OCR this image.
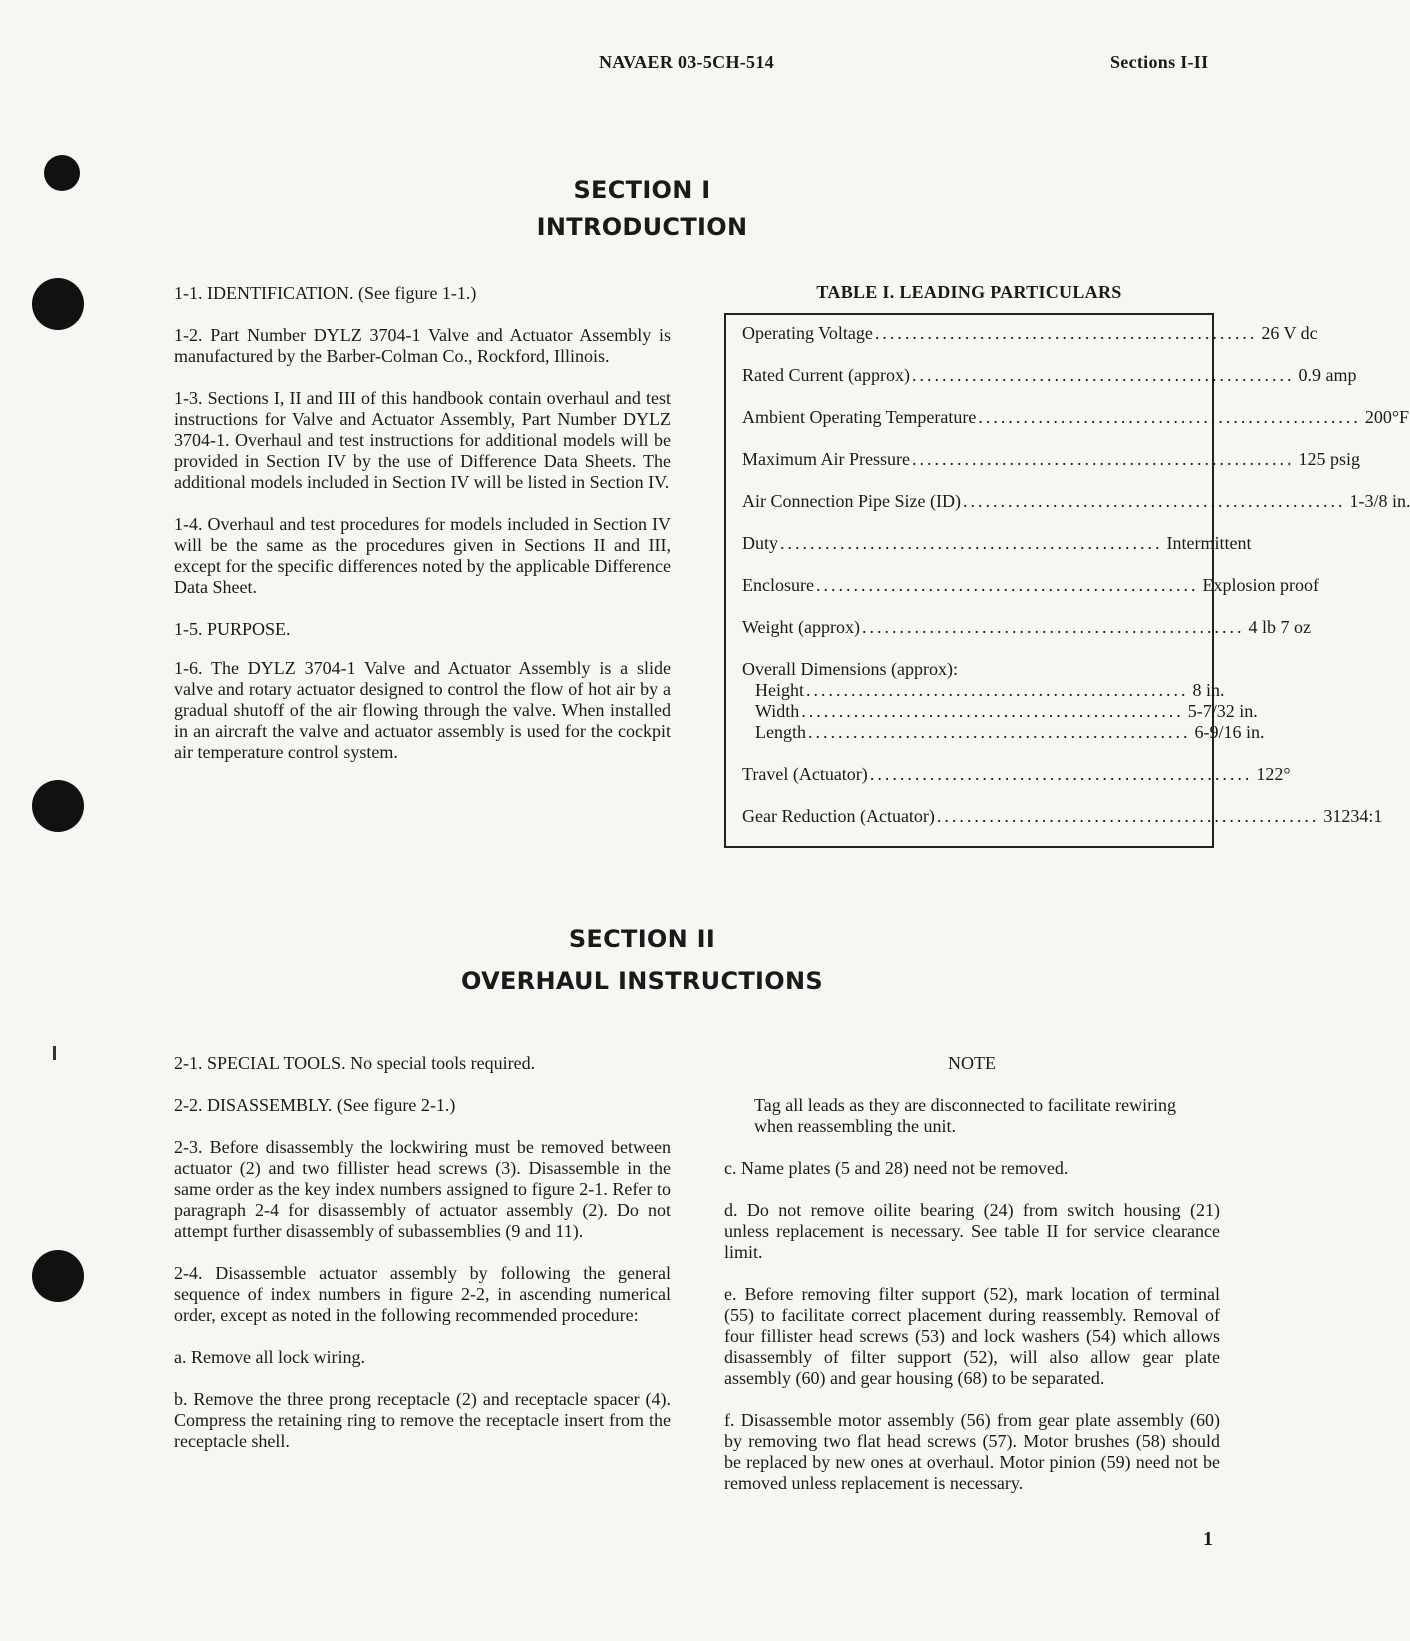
NAVAER 03-5CH-514	Sections I-II
SECTION I
INTRODUCTION

1-1. IDENTIFICATION. (See figure 1-1.)

1-2. Part Number DYLZ 3704-1 Valve and Actuator Assembly is manufactured by the Barber-Colman Co., Rockford, Illinois.

1-3. Sections I, II and III of this handbook contain overhaul and test instructions for Valve and Actuator Assembly, Part Number DYLZ 3704-1. Overhaul and test instructions for additional models will be provided in Section IV by the use of Difference Data Sheets. The additional models included in Section IV will be listed in Section IV.

1-4. Overhaul and test procedures for models included in Section IV will be the same as the procedures given in Sections II and III, except for the specific differences noted by the applicable Difference Data Sheet.

1-5. PURPOSE.

1-6. The DYLZ 3704-1 Valve and Actuator Assembly is a slide valve and rotary actuator designed to control the flow of hot air by a gradual shutoff of the air flowing through the valve. When installed in an aircraft the valve and actuator assembly is used for the cockpit air temperature control system.

TABLE I. LEADING PARTICULARS
Operating Voltage ................................................... 26 V dc
Rated Current (approx) ................................................... 0.9 amp
Ambient Operating Temperature ................................................... 200°F
Maximum Air Pressure ................................................... 125 psig
Air Connection Pipe Size (ID) ................................................... 1-3/8 in.
Duty ................................................... Intermittent
Enclosure ................................................... Explosion proof
Weight (approx) ................................................... 4 lb 7 oz
Overall Dimensions (approx):
Height ................................................... 8 in.
Width ................................................... 5-7/32 in.
Length ................................................... 6-9/16 in.
Travel (Actuator) ................................................... 122°
Gear Reduction (Actuator) ................................................... 31234:1
SECTION II
OVERHAUL INSTRUCTIONS

2-1. SPECIAL TOOLS. No special tools required.

2-2. DISASSEMBLY. (See figure 2-1.)

2-3. Before disassembly the lockwiring must be removed between actuator (2) and two fillister head screws (3). Disassemble in the same order as the key index numbers assigned to figure 2-1. Refer to paragraph 2-4 for disassembly of actuator assembly (2). Do not attempt further disassembly of subassemblies (9 and 11).

2-4. Disassemble actuator assembly by following the general sequence of index numbers in figure 2-2, in ascending numerical order, except as noted in the following recommended procedure:

a. Remove all lock wiring.

b. Remove the three prong receptacle (2) and receptacle spacer (4). Compress the retaining ring to remove the receptacle insert from the receptacle shell.

NOTE

Tag all leads as they are disconnected to facilitate rewiring when reassembling the unit.

c. Name plates (5 and 28) need not be removed.

d. Do not remove oilite bearing (24) from switch housing (21) unless replacement is necessary. See table II for service clearance limit.

e. Before removing filter support (52), mark location of terminal (55) to facilitate correct placement during reassembly. Removal of four fillister head screws (53) and lock washers (54) which allows disassembly of filter support (52), will also allow gear plate assembly (60) and gear housing (68) to be separated.

f. Disassemble motor assembly (56) from gear plate assembly (60) by removing two flat head screws (57). Motor brushes (58) should be replaced by new ones at overhaul. Motor pinion (59) need not be removed unless replacement is necessary.

1
